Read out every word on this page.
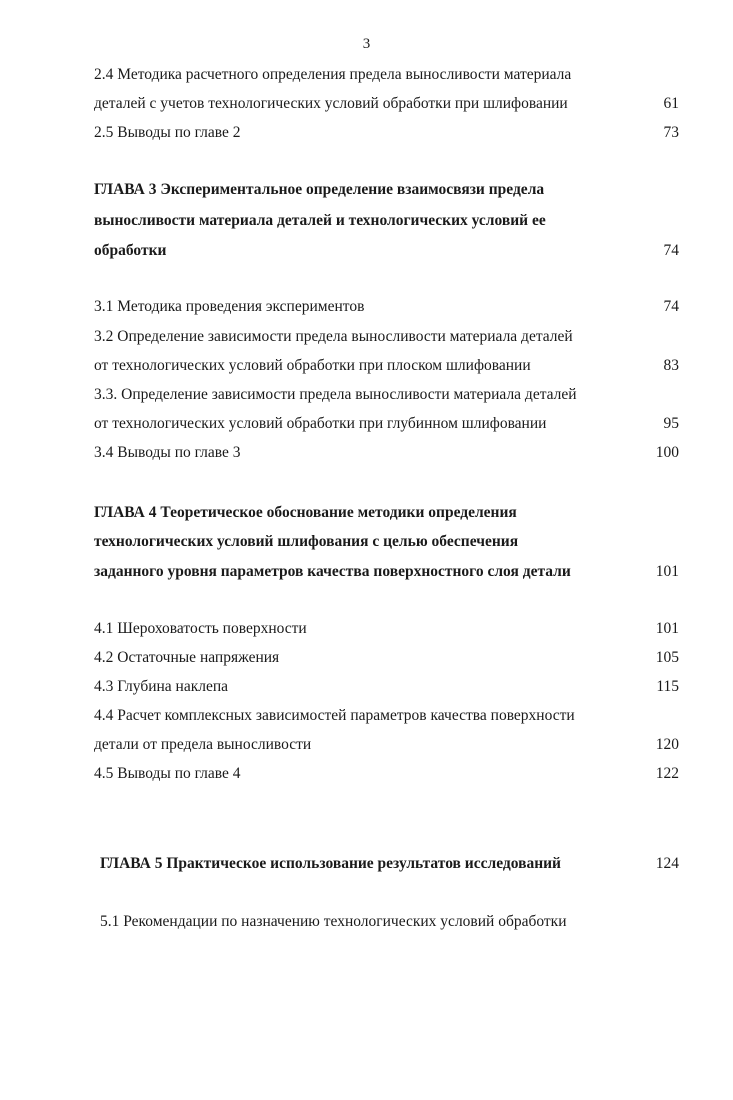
3
2.4 Методика расчетного определения предела выносливости материала
деталей с учетов технологических условий обработки при шлифовании	61
2.5 Выводы по главе 2	73
ГЛАВА 3 Экспериментальное определение взаимосвязи предела
выносливости материала деталей и технологических условий ее
обработки	74
3.1 Методика проведения экспериментов	74
3.2 Определение зависимости предела выносливости материала деталей
от технологических условий обработки при плоском шлифовании	83
3.3. Определение зависимости предела выносливости материала деталей
от технологических условий обработки при глубинном шлифовании	95
3.4 Выводы по главе 3	100
ГЛАВА 4 Теоретическое обоснование методики определения
технологических условий шлифования с целью обеспечения
заданного уровня параметров качества поверхностного слоя детали	101
4.1 Шероховатость поверхности	101
4.2 Остаточные напряжения	105
4.3 Глубина наклепа	115
4.4 Расчет комплексных зависимостей параметров качества поверхности
детали от предела выносливости	120
4.5 Выводы по главе 4	122
ГЛАВА 5 Практическое использование результатов исследований	124
5.1 Рекомендации по назначению технологических условий обработки
